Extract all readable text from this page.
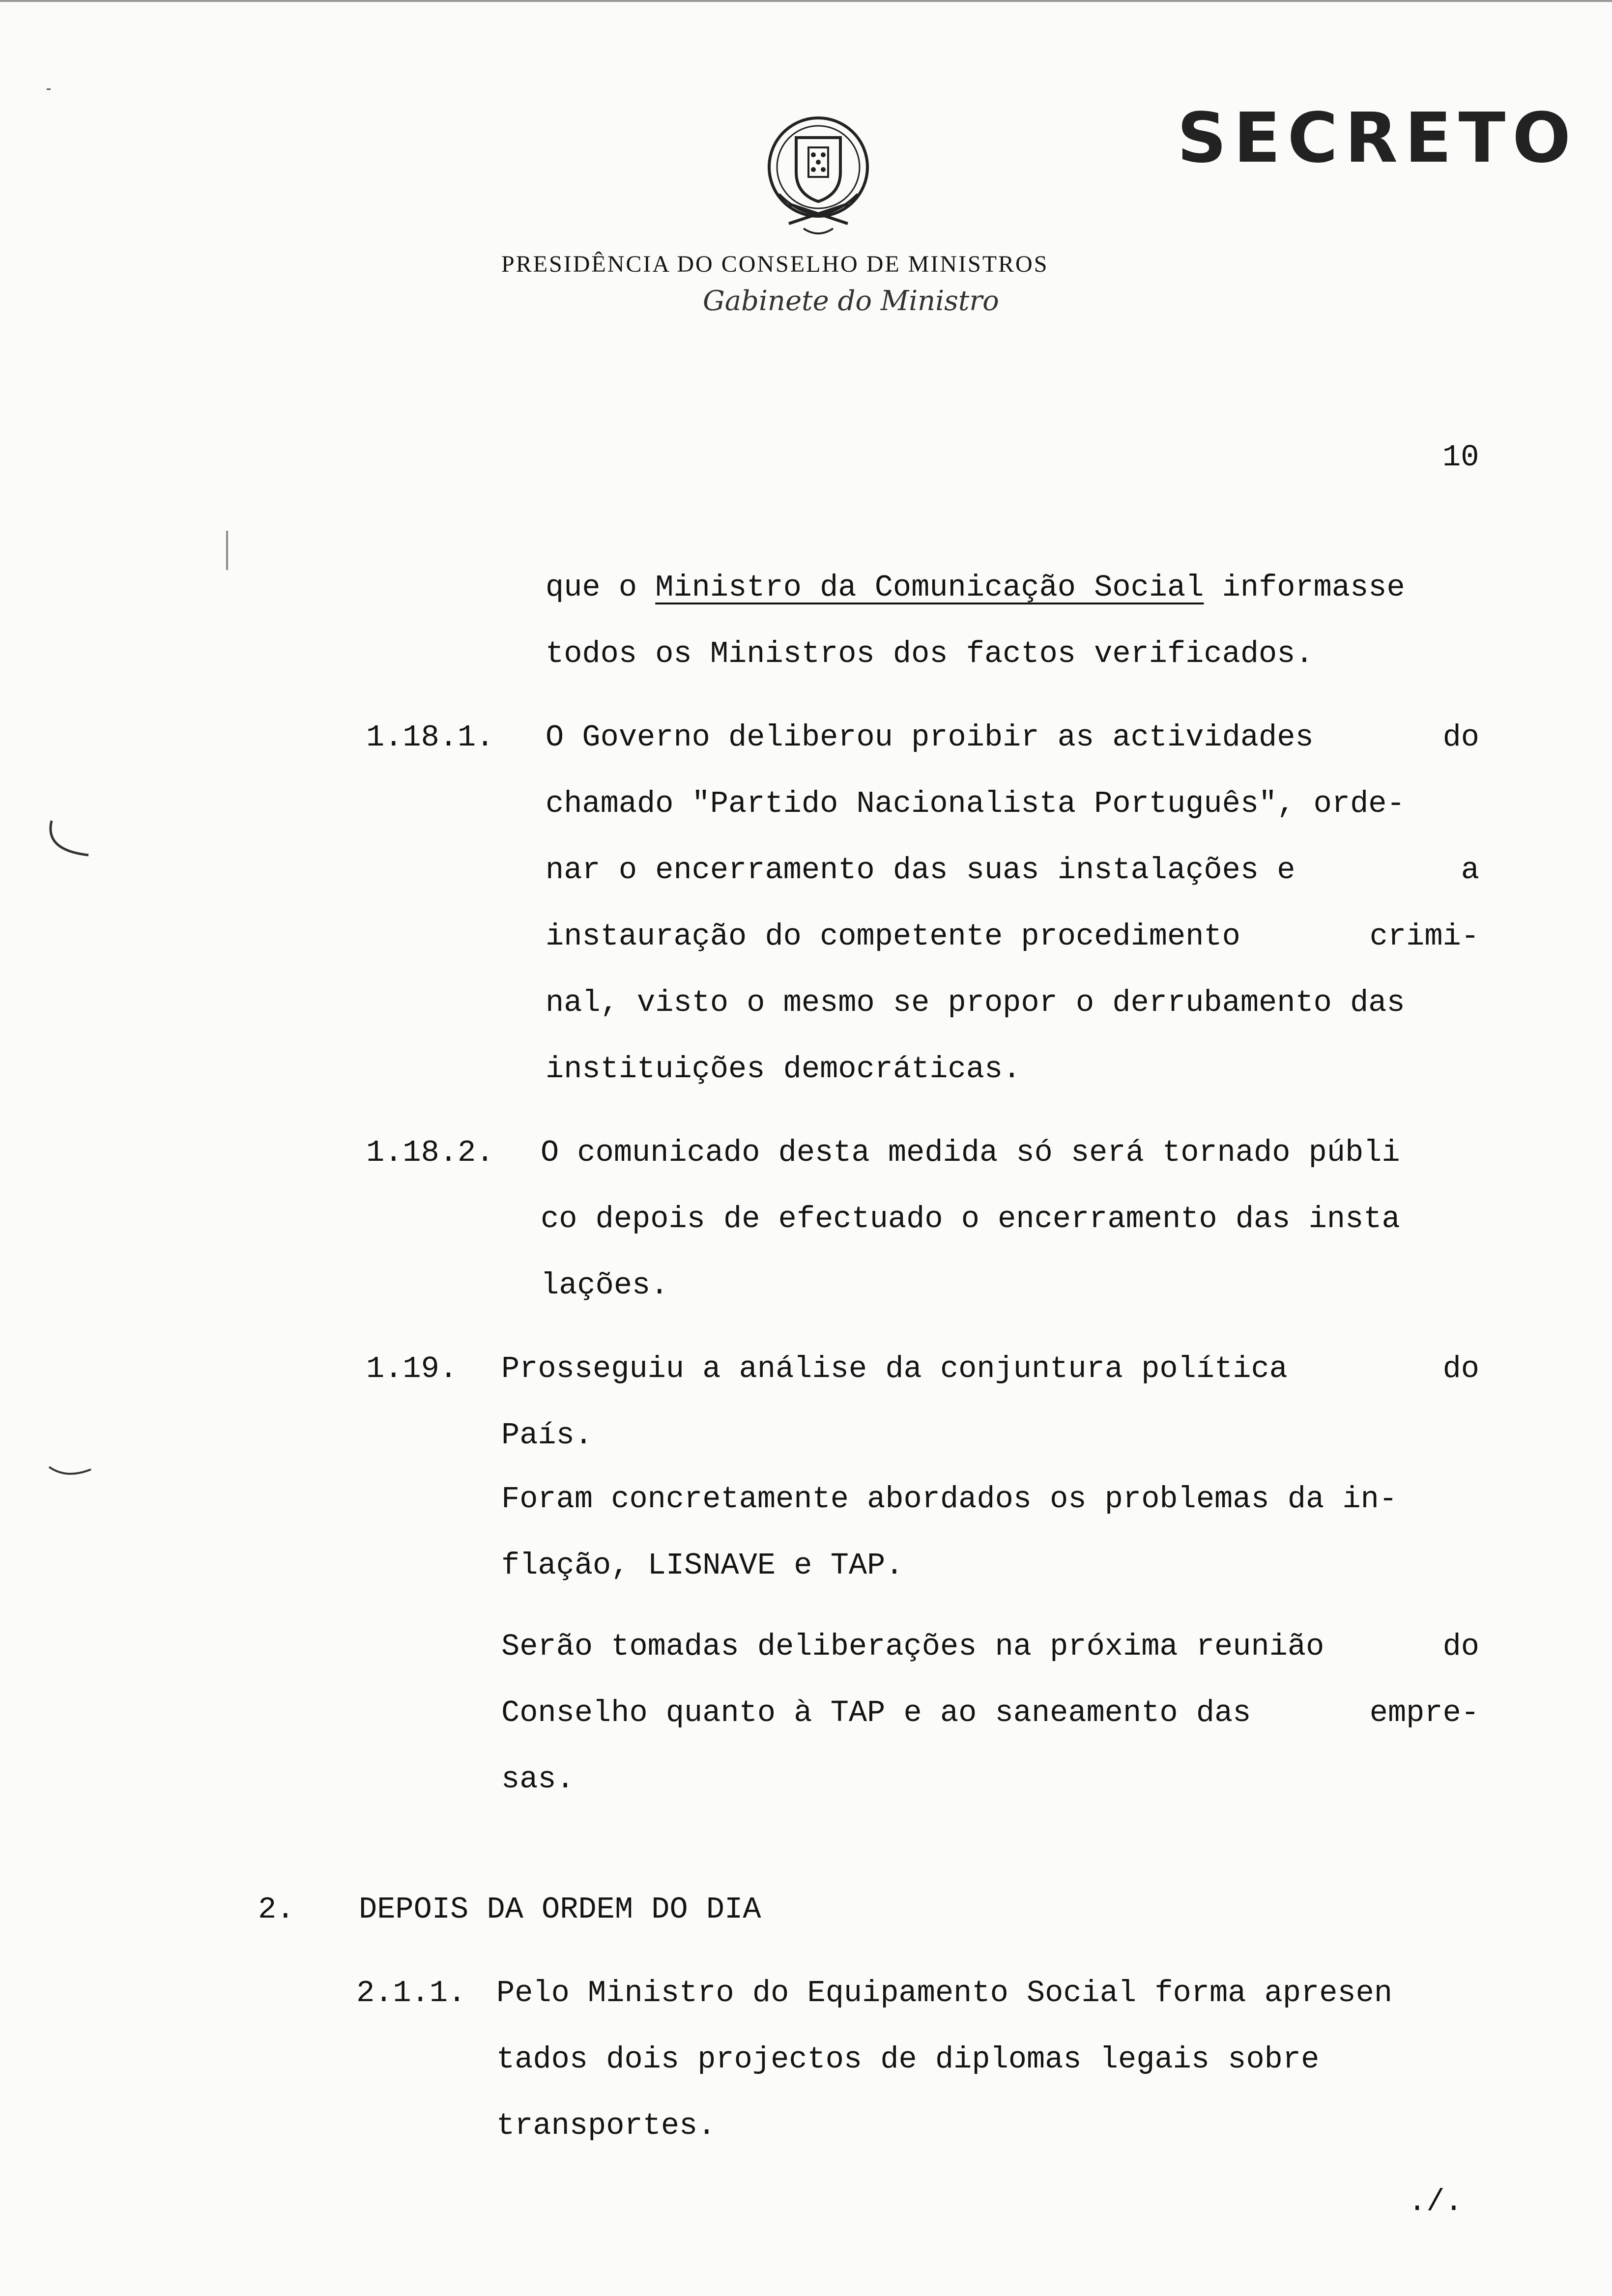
SECRETO
PRESIDÊNCIA DO CONSELHO DE MINISTROS
Gabinete do Ministro
10
que o Ministro da Comunicação Social informasse
todos os Ministros dos factos verificados.
1.18.1. O Governo deliberou proibir as actividades	do
chamado "Partido Nacionalista Português", orde-
nar o encerramento das suas instalações e	a
instauração do competente procedimento	crimi-
nal, visto o mesmo se propor o derrubamento das
instituições democráticas.
1.18.2. O comunicado desta medida só será tornado públi
co depois de efectuado o encerramento das insta
lações.
1.19. Prosseguiu a análise da conjuntura política	do
País.
Foram concretamente abordados os problemas da in-
flação, LISNAVE e TAP.
Serão tomadas deliberações na próxima reunião	do
Conselho quanto à TAP e ao saneamento das	empre-
sas.
2. DEPOIS DA ORDEM DO DIA
2.1.1. Pelo Ministro do Equipamento Social forma apresen
tados dois projectos de diplomas legais sobre
transportes.
./.
